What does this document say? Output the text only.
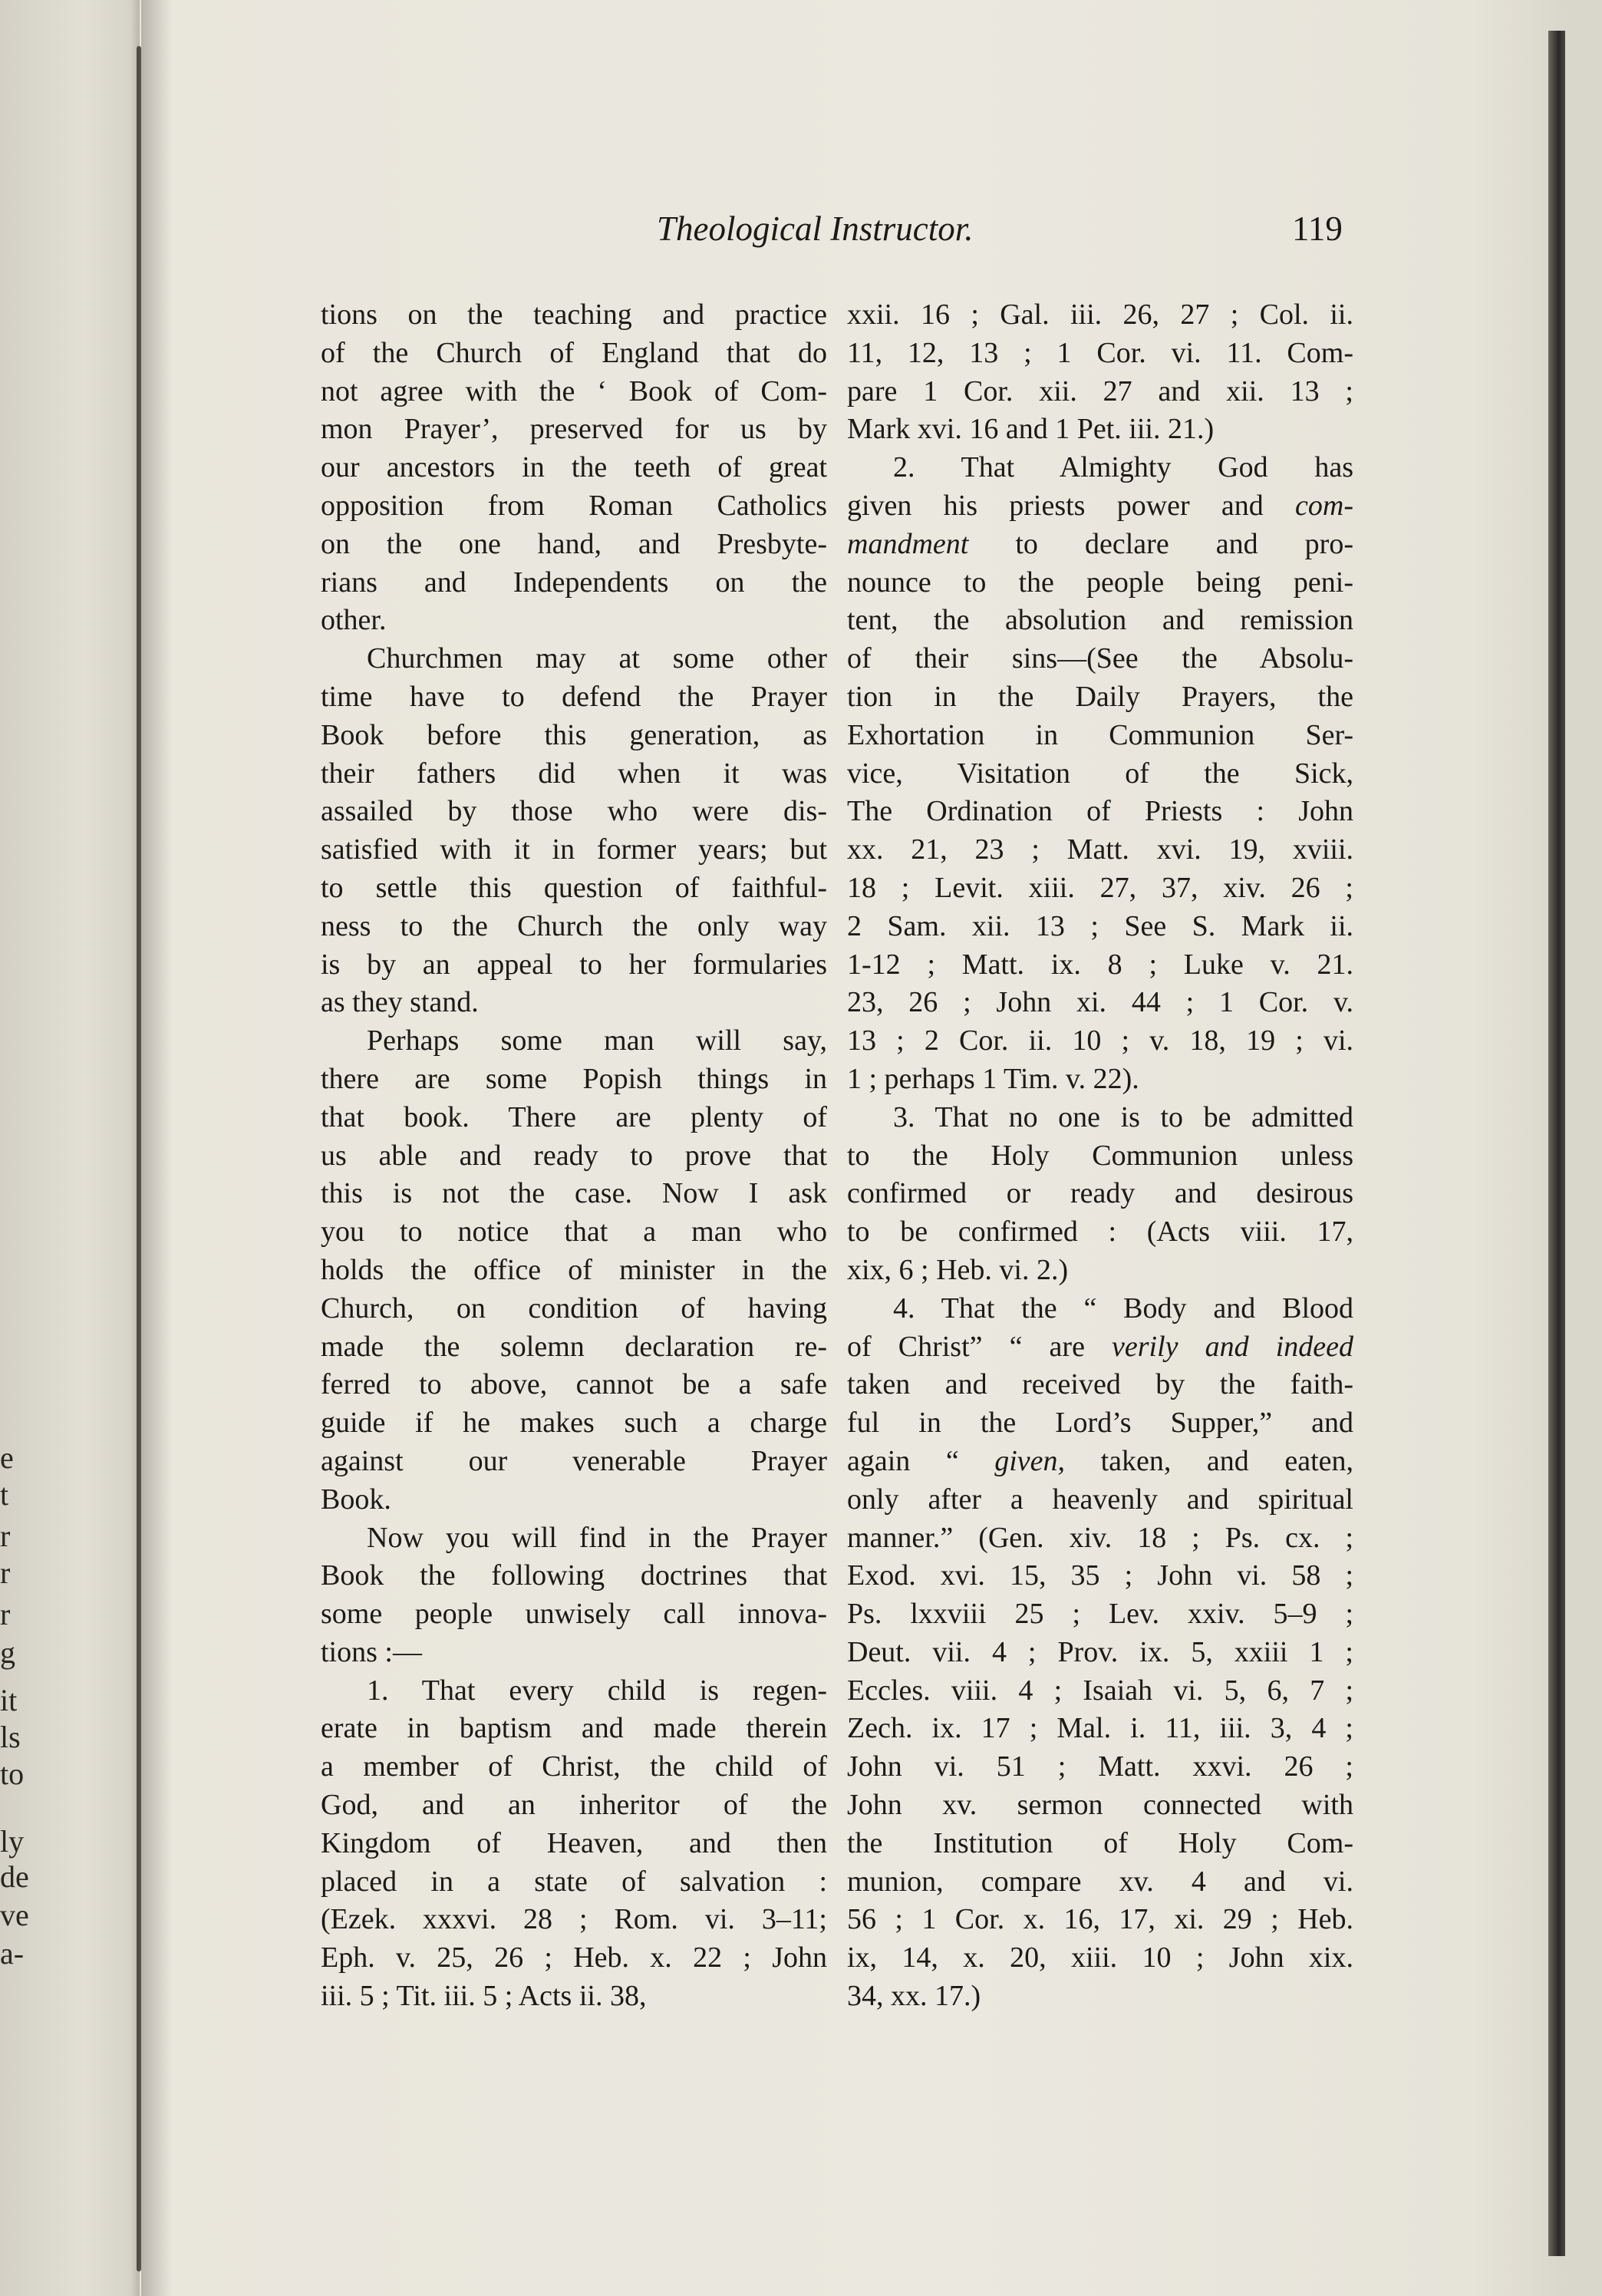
e
t
r
r
r
g
it
ls
to
ly
de
ve
a-
Theological Instructor.	119
tions on the teaching and practice
of the Church of England that do
not agree with the ‘ Book of Com-
mon Prayer’, preserved for us by
our ancestors in the teeth of great
opposition from Roman Catholics
on the one hand, and Presbyte-
rians and Independents on the
other.
Churchmen may at some other
time have to defend the Prayer
Book before this generation, as
their fathers did when it was
assailed by those who were dis-
satisfied with it in former years; but
to settle this question of faithful-
ness to the Church the only way
is by an appeal to her formularies
as they stand.
Perhaps some man will say,
there are some Popish things in
that book. There are plenty of
us able and ready to prove that
this is not the case. Now I ask
you to notice that a man who
holds the office of minister in the
Church, on condition of having
made the solemn declaration re-
ferred to above, cannot be a safe
guide if he makes such a charge
against our venerable Prayer
Book.
Now you will find in the Prayer
Book the following doctrines that
some people unwisely call innova-
tions :—
1. That every child is regen-
erate in baptism and made therein
a member of Christ, the child of
God, and an inheritor of the
Kingdom of Heaven, and then
placed in a state of salvation :
(Ezek. xxxvi. 28 ; Rom. vi. 3–11;
Eph. v. 25, 26 ; Heb. x. 22 ; John
iii. 5 ; Tit. iii. 5 ; Acts ii. 38,
xxii. 16 ; Gal. iii. 26, 27 ; Col. ii.
11, 12, 13 ; 1 Cor. vi. 11. Com-
pare 1 Cor. xii. 27 and xii. 13 ;
Mark xvi. 16 and 1 Pet. iii. 21.)
2. That Almighty God has
given his priests power and com-
mandment to declare and pro-
nounce to the people being peni-
tent, the absolution and remission
of their sins—(See the Absolu-
tion in the Daily Prayers, the
Exhortation in Communion Ser-
vice, Visitation of the Sick,
The Ordination of Priests : John
xx. 21, 23 ; Matt. xvi. 19, xviii.
18 ; Levit. xiii. 27, 37, xiv. 26 ;
2 Sam. xii. 13 ; See S. Mark ii.
1-12 ; Matt. ix. 8 ; Luke v. 21.
23, 26 ; John xi. 44 ; 1 Cor. v.
13 ; 2 Cor. ii. 10 ; v. 18, 19 ; vi.
1 ; perhaps 1 Tim. v. 22).
3. That no one is to be admitted
to the Holy Communion unless
confirmed or ready and desirous
to be confirmed : (Acts viii. 17,
xix, 6 ; Heb. vi. 2.)
4. That the “ Body and Blood
of Christ” “ are verily and indeed
taken and received by the faith-
ful in the Lord’s Supper,” and
again “ given, taken, and eaten,
only after a heavenly and spiritual
manner.” (Gen. xiv. 18 ; Ps. cx. ;
Exod. xvi. 15, 35 ; John vi. 58 ;
Ps. lxxviii 25 ; Lev. xxiv. 5–9 ;
Deut. vii. 4 ; Prov. ix. 5, xxiii 1 ;
Eccles. viii. 4 ; Isaiah vi. 5, 6, 7 ;
Zech. ix. 17 ; Mal. i. 11, iii. 3, 4 ;
John vi. 51 ; Matt. xxvi. 26 ;
John xv. sermon connected with
the Institution of Holy Com-
munion, compare xv. 4 and vi.
56 ; 1 Cor. x. 16, 17, xi. 29 ; Heb.
ix, 14, x. 20, xiii. 10 ; John xix.
34, xx. 17.)
